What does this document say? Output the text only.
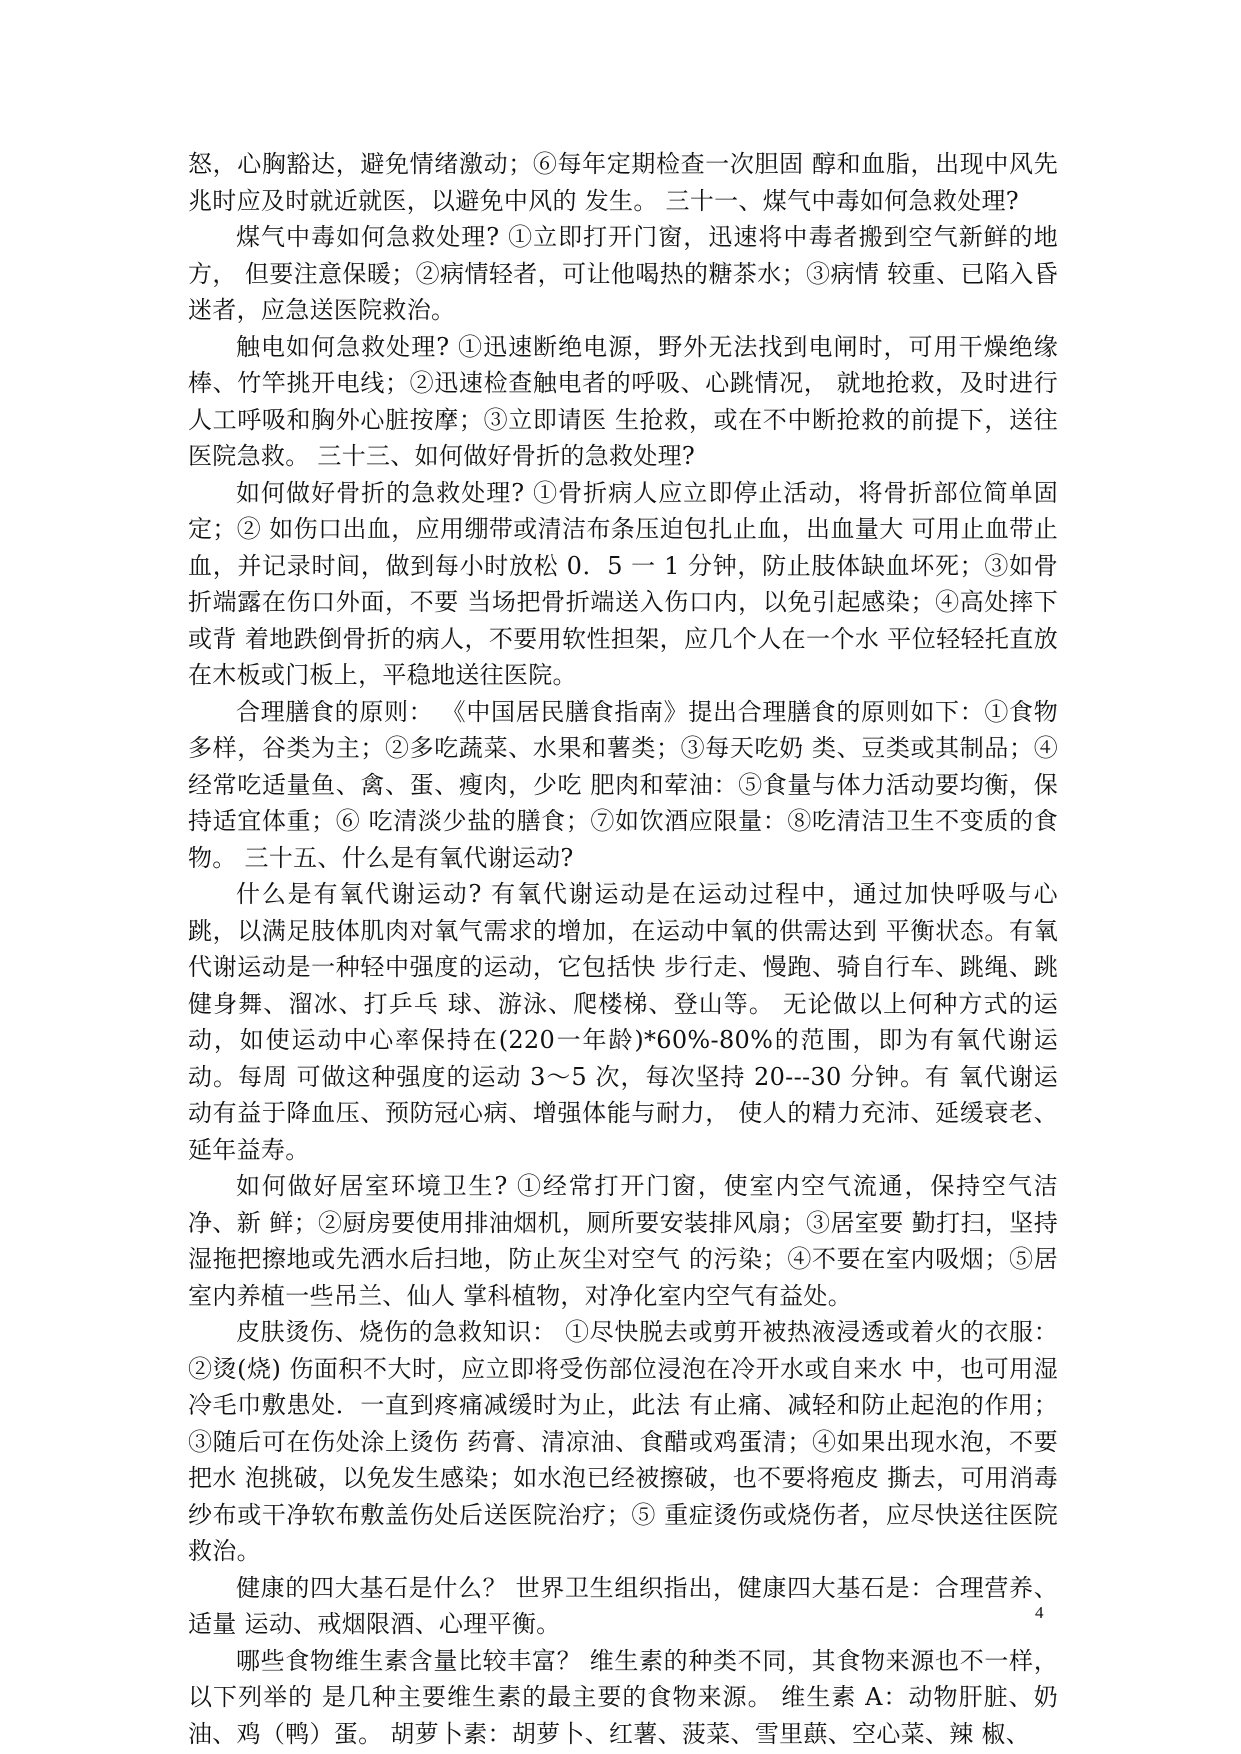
怒，心胸豁达，避免情绪激动；⑥每年定期检查一次胆固 醇和血脂，出现中风先兆时应及时就近就医，以避免中风的 发生。 三十一、煤气中毒如何急救处理?

煤气中毒如何急救处理? ①立即打开门窗，迅速将中毒者搬到空气新鲜的地方， 但要注意保暖；②病情轻者，可让他喝热的糖茶水；③病情 较重、已陷入昏迷者，应急送医院救治。

触电如何急救处理? ①迅速断绝电源，野外无法找到电闸时，可用干燥绝缘棒、竹竿挑开电线；②迅速检查触电者的呼吸、心跳情况， 就地抢救，及时进行人工呼吸和胸外心脏按摩；③立即请医 生抢救，或在不中断抢救的前提下，送往医院急救。 三十三、如何做好骨折的急救处理?

如何做好骨折的急救处理? ①骨折病人应立即停止活动，将骨折部位简单固定；② 如伤口出血，应用绷带或清洁布条压迫包扎止血，出血量大 可用止血带止血，并记录时间，做到每小时放松 0．5 一 1 分钟，防止肢体缺血坏死；③如骨折端露在伤口外面，不要 当场把骨折端送入伤口内，以免引起感染；④高处摔下或背 着地跌倒骨折的病人，不要用软性担架，应几个人在一个水 平位轻轻托直放在木板或门板上，平稳地送往医院。

合理膳食的原则： 《中国居民膳食指南》提出合理膳食的原则如下：①食物多样，谷类为主；②多吃蔬菜、水果和薯类；③每天吃奶 类、豆类或其制品；④经常吃适量鱼、禽、蛋、瘦肉，少吃 肥肉和荤油：⑤食量与体力活动要均衡，保持适宜体重；⑥ 吃清淡少盐的膳食；⑦如饮酒应限量：⑧吃清洁卫生不变质的食物。 三十五、什么是有氧代谢运动?

什么是有氧代谢运动? 有氧代谢运动是在运动过程中，通过加快呼吸与心跳，以满足肢体肌肉对氧气需求的增加，在运动中氧的供需达到 平衡状态。有氧代谢运动是一种轻中强度的运动，它包括快 步行走、慢跑、骑自行车、跳绳、跳健身舞、溜冰、打乒乓 球、游泳、爬楼梯、登山等。 无论做以上何种方式的运动，如使运动中心率保持在(220一年龄)*60%-80%的范围，即为有氧代谢运动。每周 可做这种强度的运动 3～5 次，每次坚持 20---30 分钟。有 氧代谢运动有益于降血压、预防冠心病、增强体能与耐力， 使人的精力充沛、延缓衰老、延年益寿。

如何做好居室环境卫生? ①经常打开门窗，使室内空气流通，保持空气洁净、新 鲜；②厨房要使用排油烟机，厕所要安装排风扇；③居室要 勤打扫，坚持湿拖把擦地或先洒水后扫地，防止灰尘对空气 的污染；④不要在室内吸烟；⑤居室内养植一些吊兰、仙人 掌科植物，对净化室内空气有益处。

皮肤烫伤、烧伤的急救知识： ①尽快脱去或剪开被热液浸透或着火的衣服：②烫(烧) 伤面积不大时，应立即将受伤部位浸泡在冷开水或自来水 中，也可用湿冷毛巾敷患处．一直到疼痛减缓时为止，此法 有止痛、减轻和防止起泡的作用；③随后可在伤处涂上烫伤 药膏、清凉油、食醋或鸡蛋清；④如果出现水泡，不要把水 泡挑破，以免发生感染；如水泡已经被擦破，也不要将疱皮 撕去，可用消毒纱布或干净软布敷盖伤处后送医院治疗；⑤ 重症烫伤或烧伤者，应尽快送往医院救治。

健康的四大基石是什么？ 世界卫生组织指出，健康四大基石是：合理营养、适量 运动、戒烟限酒、心理平衡。

哪些食物维生素含量比较丰富？ 维生素的种类不同，其食物来源也不一样，以下列举的 是几种主要维生素的最主要的食物来源。 维生素 A：动物肝脏、奶油、鸡（鸭）蛋。 胡萝卜素：胡萝卜、红薯、菠菜、雪里蕻、空心菜、辣 椒、

4
